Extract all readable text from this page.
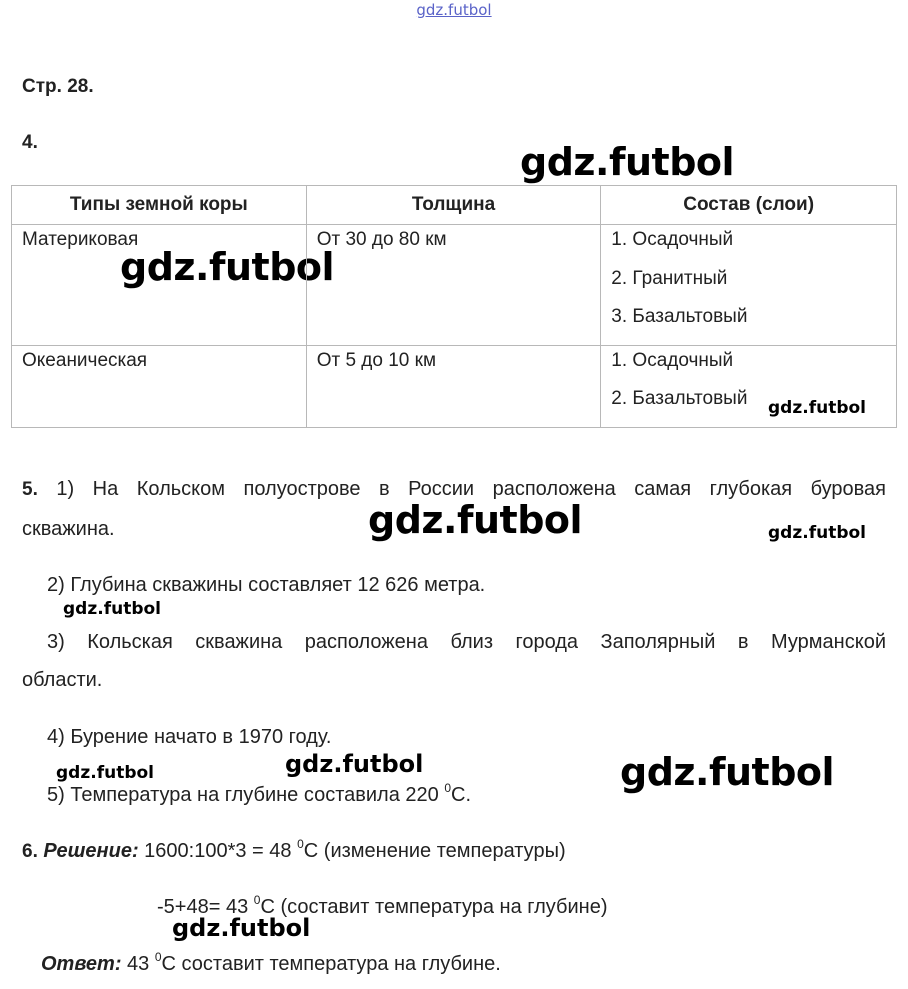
gdz.futbol
gdz.futbol
gdz.futbol
gdz.futbol
gdz.futbol	gdz.futbol
gdz.futbol
gdz.futbol	gdz.futbol	gdz.futbol
gdz.futbol
Стр. 28.
4.
Типы земной коры	Толщина	Состав (слои)

Материковая	От 30 до 80 км	1. Осадочный
2. Гранитный
3. Базальтовый

Океаническая	От 5 до 10 км	1. Осадочный
2. Базальтовый
5. 1) На Кольском полуострове в России расположена самая глубокая буровая
скважина.
2) Глубина скважины составляет 12 626 метра.
3) Кольская скважина расположена близ города Заполярный в Мурманской
области.
4) Бурение начато в 1970 году.
5) Температура на глубине составила 220 $^0$С.
6. Решение: 1600:100*3 = 48 $^0$С (изменение температуры)
-5+48= 43 $^0$С (составит температура на глубине)
Ответ: 43 $^0$С составит температура на глубине.
